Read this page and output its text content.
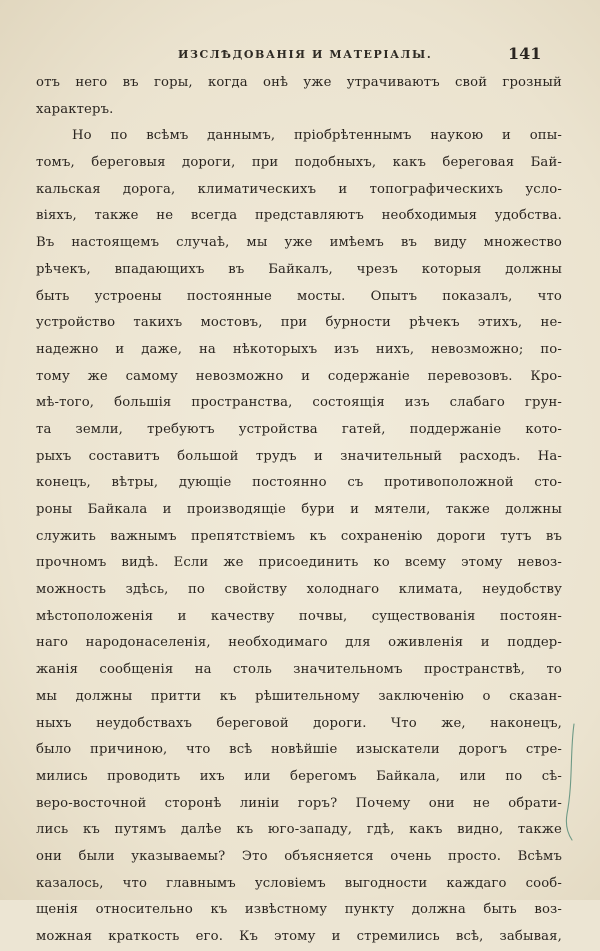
ИЗСЛѢДОВАНIЯ И МАТЕРIАЛЫ.	141
отъ него въ горы, когда онѣ уже утрачиваютъ свой грозный
характеръ.
Но по всѣмъ даннымъ, прiобрѣтеннымъ наукою и опы-
томъ, береговыя дороги, при подобныхъ, какъ береговая Бай-
кальская дорога, климатическихъ и топографическихъ усло-
вiяхъ, также не всегда представляютъ необходимыя удобства.
Въ настоящемъ случаѣ, мы уже имѣемъ въ виду множество
рѣчекъ, впадающихъ въ Байкалъ, чрезъ которыя должны
быть устроены постоянные мосты. Опытъ показалъ, что
устройство такихъ мостовъ, при бурности рѣчекъ этихъ, не-
надежно и даже, на нѣкоторыхъ изъ нихъ, невозможно; по-
тому же самому невозможно и содержанiе перевозовъ. Кро-
мѣ-того, большiя пространства, состоящiя изъ слабаго грун-
та земли, требуютъ устройства гатей, поддержанiе кото-
рыхъ составитъ большой трудъ и значительный расходъ. На-
конецъ, вѣтры, дующiе постоянно съ противоположной сто-
роны Байкала и производящiе бури и мятели, также должны
служить важнымъ препятствiемъ къ сохраненiю дороги тутъ въ
прочномъ видѣ. Если же присоединить ко всему этому невоз-
можность здѣсь, по свойству холоднаго климата, неудобству
мѣстоположенiя и качеству почвы, существованiя постоян-
наго народонаселенiя, необходимаго для оживленiя и поддер-
жанiя сообщенiя на столь значительномъ пространствѣ, то
мы должны притти къ рѣшительному заключенiю о сказан-
ныхъ неудобствахъ береговой дороги. Что же, наконецъ,
было причиною, что всѣ новѣйшiе изыскатели дорогъ стре-
мились проводить ихъ или берегомъ Байкала, или по сѣ-
веро-восточной сторонѣ линiи горъ? Почему они не обрати-
лись къ путямъ далѣе къ юго-западу, гдѣ, какъ видно, также
они были указываемы? Это объясняется очень просто. Всѣмъ
казалось, что главнымъ условiемъ выгодности каждаго сооб-
щенiя относительно къ извѣстному пункту должна быть воз-
можная краткость его. Къ этому и стремились всѣ, забывая,
